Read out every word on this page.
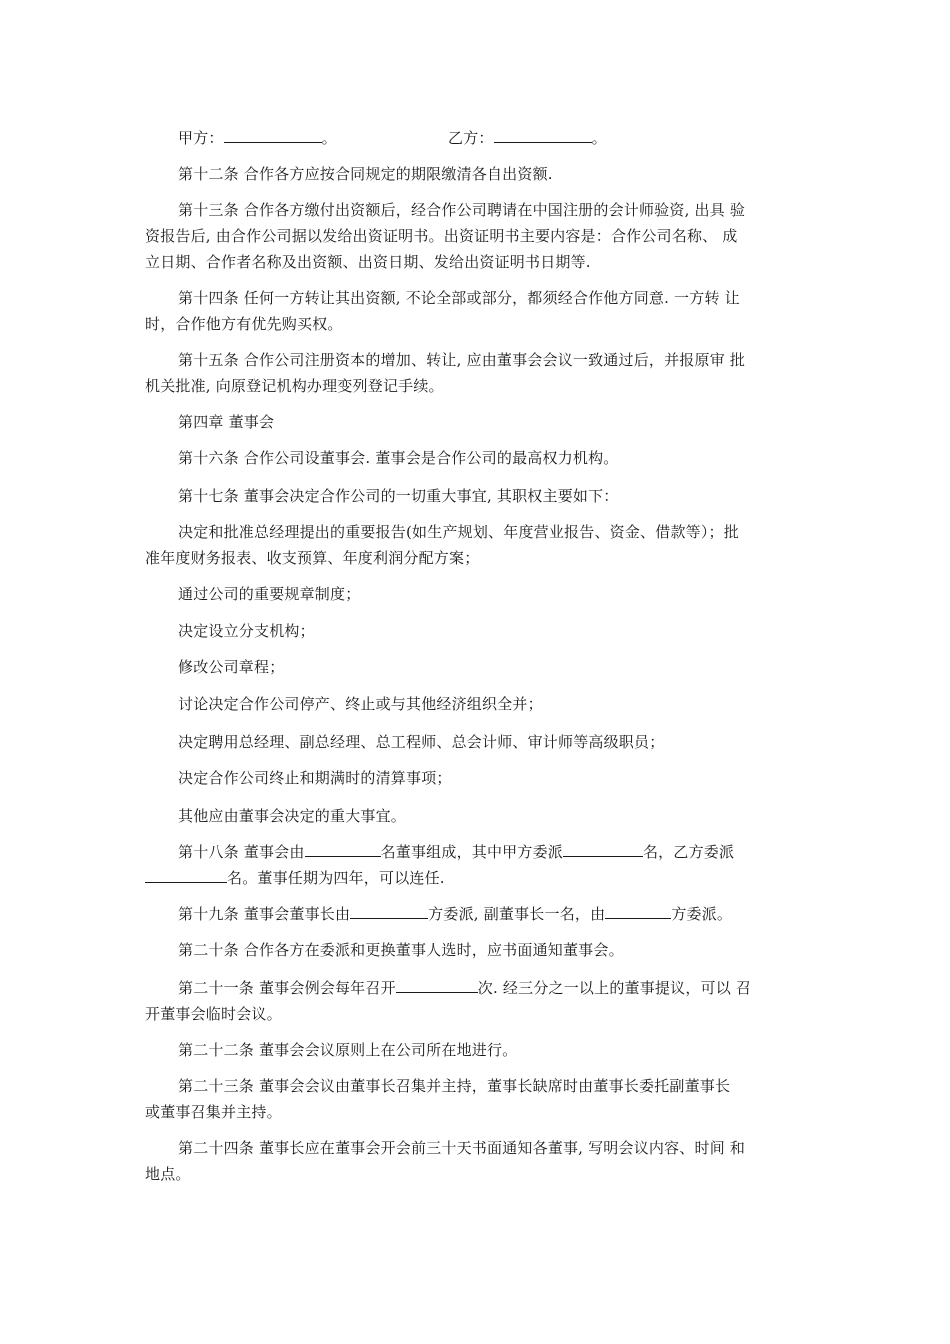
甲方：	。	乙方：	。
第十二条 合作各方应按合同规定的期限缴清各自出资额.
第十三条 合作各方缴付出资额后，经合作公司聘请在中国注册的会计师验资, 出具 验
资报告后, 由合作公司据以发给出资证明书。出资证明书主要内容是：合作公司名称、 成
立日期、合作者名称及出资额、出资日期、发给出资证明书日期等.
第十四条 任何一方转让其出资额, 不论全部或部分，都须经合作他方同意. 一方转 让
时，合作他方有优先购买权。
第十五条 合作公司注册资本的增加、转让, 应由董事会会议一致通过后，并报原审 批
机关批准, 向原登记机构办理变列登记手续。
第四章 董事会
第十六条 合作公司设董事会. 董事会是合作公司的最高权力机构。
第十七条 董事会决定合作公司的一切重大事宜, 其职权主要如下：
决定和批准总经理提出的重要报告(如生产规划、年度营业报告、资金、借款等）；批
准年度财务报表、收支预算、年度利润分配方案；
通过公司的重要规章制度；
决定设立分支机构；
修改公司章程；
讨论决定合作公司停产、终止或与其他经济组织全并；
决定聘用总经理、副总经理、总工程师、总会计师、审计师等高级职员；
决定合作公司终止和期满时的清算事项；
其他应由董事会决定的重大事宜。
第十八条 董事会由	名董事组成，其中甲方委派	名，乙方委派
名。董事任期为四年，可以连任.
第十九条 董事会董事长由	方委派, 副董事长一名，由	方委派。
第二十条 合作各方在委派和更换董事人选时，应书面通知董事会。
第二十一条 董事会例会每年召开	次. 经三分之一以上的董事提议，可以 召
开董事会临时会议。
第二十二条 董事会会议原则上在公司所在地进行。
第二十三条 董事会会议由董事长召集并主持，董事长缺席时由董事长委托副董事长
或董事召集并主持。
第二十四条 董事长应在董事会开会前三十天书面通知各董事, 写明会议内容、时间 和
地点。
